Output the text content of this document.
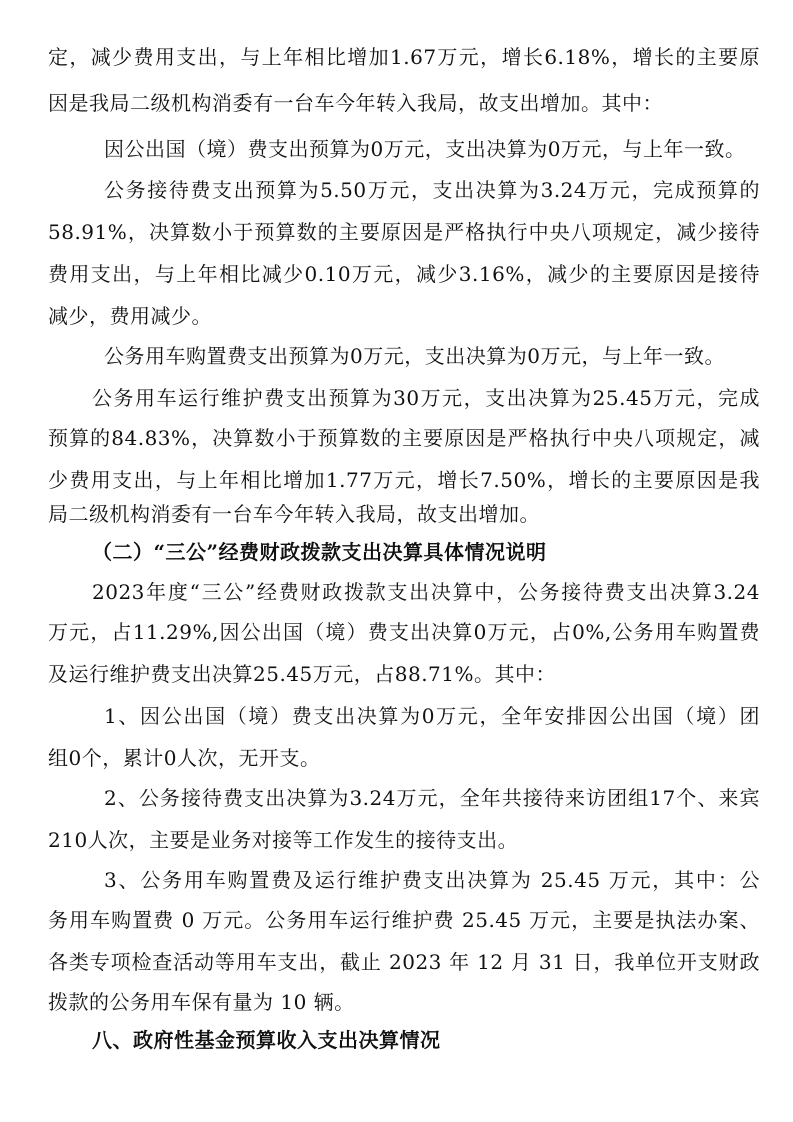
定，减少费用支出，与上年相比增加1.67万元，增长6.18%，增长的主要原
因是我局二级机构消委有一台车今年转入我局，故支出增加。其中：
因公出国（境）费支出预算为0万元，支出决算为0万元，与上年一致。
公务接待费支出预算为5.50万元，支出决算为3.24万元，完成预算的
58.91%，决算数小于预算数的主要原因是严格执行中央八项规定，减少接待
费用支出，与上年相比减少0.10万元，减少3.16%，减少的主要原因是接待
减少，费用减少。
公务用车购置费支出预算为0万元，支出决算为0万元，与上年一致。
公务用车运行维护费支出预算为30万元，支出决算为25.45万元，完成
预算的84.83%，决算数小于预算数的主要原因是严格执行中央八项规定，减
少费用支出，与上年相比增加1.77万元，增长7.50%，增长的主要原因是我
局二级机构消委有一台车今年转入我局，故支出增加。
（二）“三公”经费财政拨款支出决算具体情况说明
2023年度“三公”经费财政拨款支出决算中，公务接待费支出决算3.24
万元，占11.29%,因公出国（境）费支出决算0万元，占0%,公务用车购置费
及运行维护费支出决算25.45万元，占88.71%。其中：
1、因公出国（境）费支出决算为0万元，全年安排因公出国（境）团
组0个，累计0人次，无开支。
2、公务接待费支出决算为3.24万元，全年共接待来访团组17个、来宾
210人次，主要是业务对接等工作发生的接待支出。
3、公务用车购置费及运行维护费支出决算为 25.45 万元，其中：公
务用车购置费 0 万元。公务用车运行维护费 25.45 万元，主要是执法办案、
各类专项检查活动等用车支出，截止 2023 年 12 月 31 日，我单位开支财政
拨款的公务用车保有量为 10 辆。
八、政府性基金预算收入支出决算情况
